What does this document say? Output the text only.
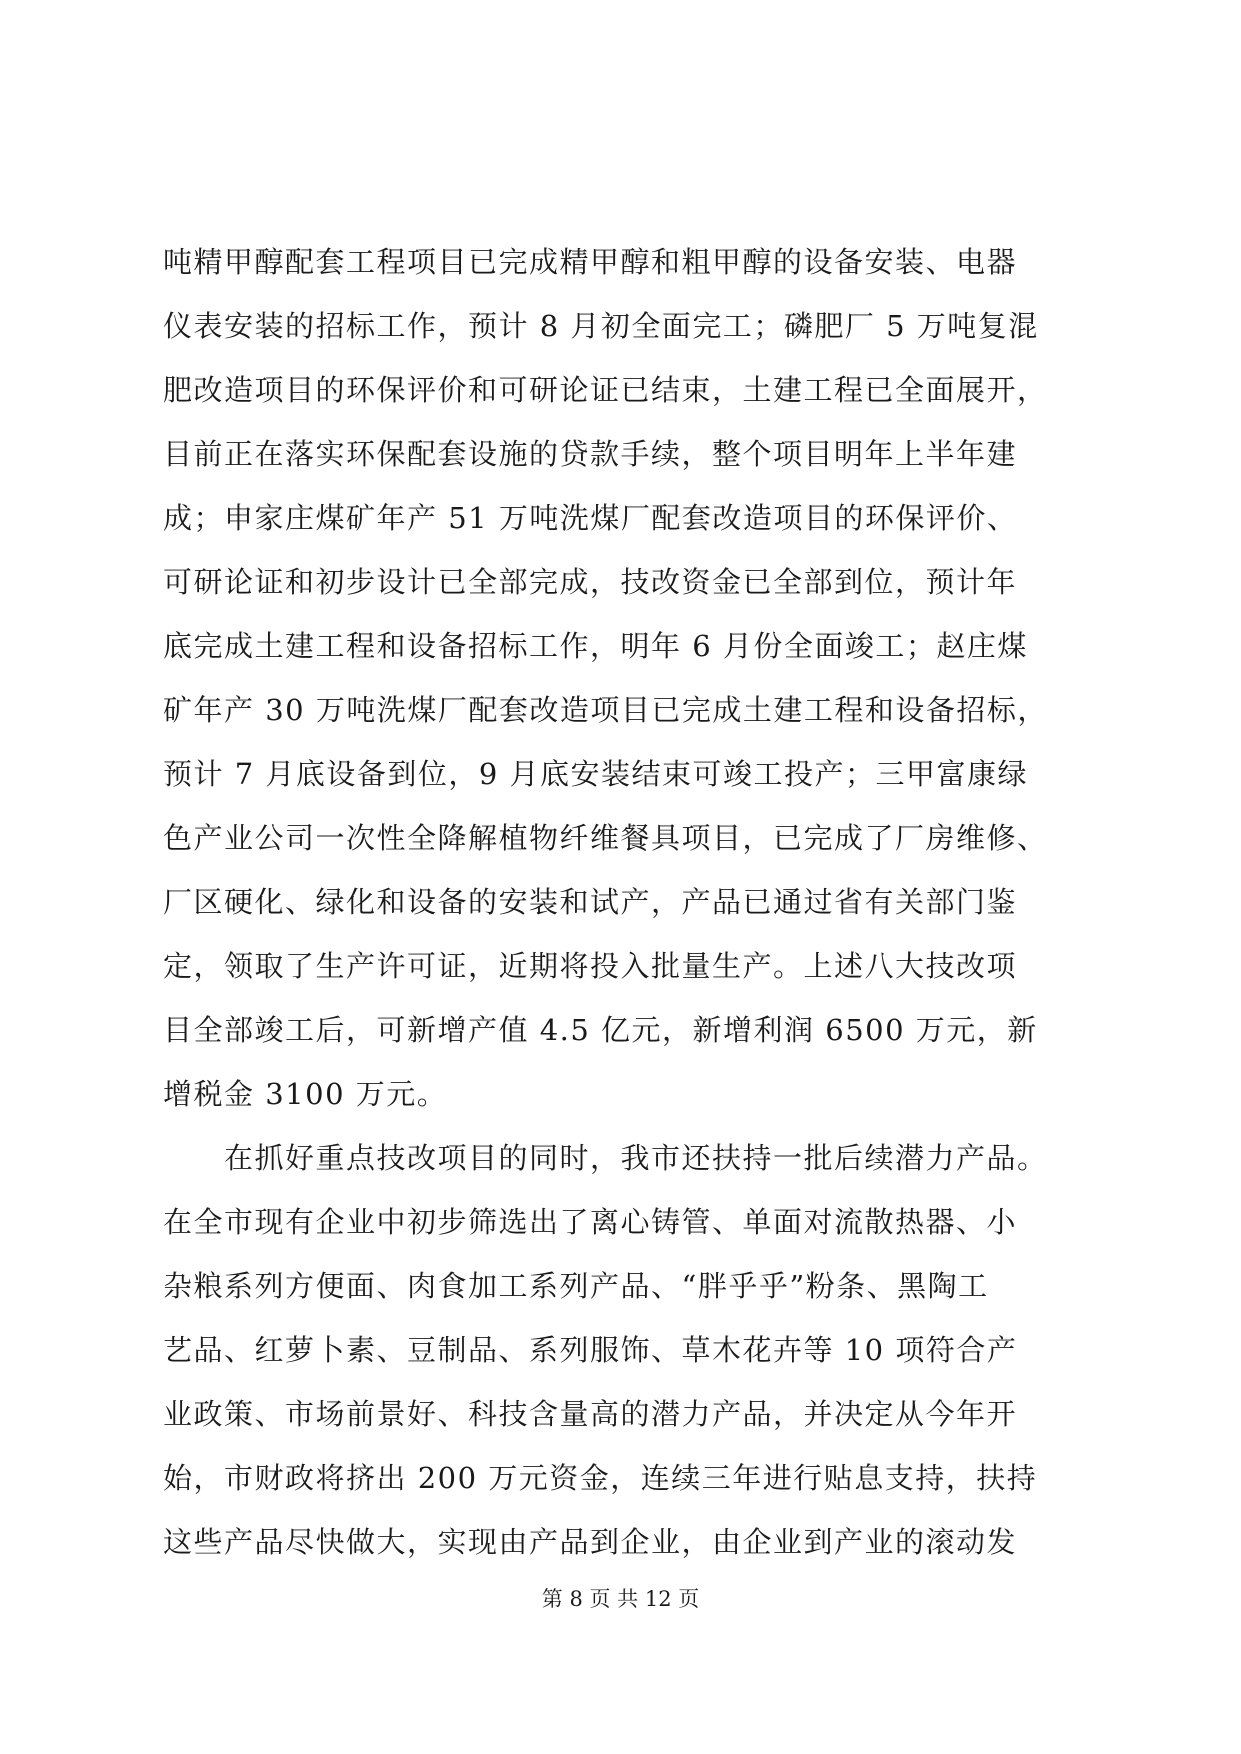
吨精甲醇配套工程项目已完成精甲醇和粗甲醇的设备安装、电器
仪表安装的招标工作，预计 8 月初全面完工；磷肥厂 5 万吨复混
肥改造项目的环保评价和可研论证已结束，土建工程已全面展开，
目前正在落实环保配套设施的贷款手续，整个项目明年上半年建
成；申家庄煤矿年产 51 万吨洗煤厂配套改造项目的环保评价、
可研论证和初步设计已全部完成，技改资金已全部到位，预计年
底完成土建工程和设备招标工作，明年 6 月份全面竣工；赵庄煤
矿年产 30 万吨洗煤厂配套改造项目已完成土建工程和设备招标，
预计 7 月底设备到位，9 月底安装结束可竣工投产；三甲富康绿
色产业公司一次性全降解植物纤维餐具项目，已完成了厂房维修、
厂区硬化、绿化和设备的安装和试产，产品已通过省有关部门鉴
定，领取了生产许可证，近期将投入批量生产。上述八大技改项
目全部竣工后，可新增产值 4.5 亿元，新增利润 6500 万元，新
增税金 3100 万元。
　　在抓好重点技改项目的同时，我市还扶持一批后续潜力产品。
在全市现有企业中初步筛选出了离心铸管、单面对流散热器、小
杂粮系列方便面、肉食加工系列产品、“胖乎乎”粉条、黑陶工
艺品、红萝卜素、豆制品、系列服饰、草木花卉等 10 项符合产
业政策、市场前景好、科技含量高的潜力产品，并决定从今年开
始，市财政将挤出 200 万元资金，连续三年进行贴息支持，扶持
这些产品尽快做大，实现由产品到企业，由企业到产业的滚动发
第 8 页 共 12 页
